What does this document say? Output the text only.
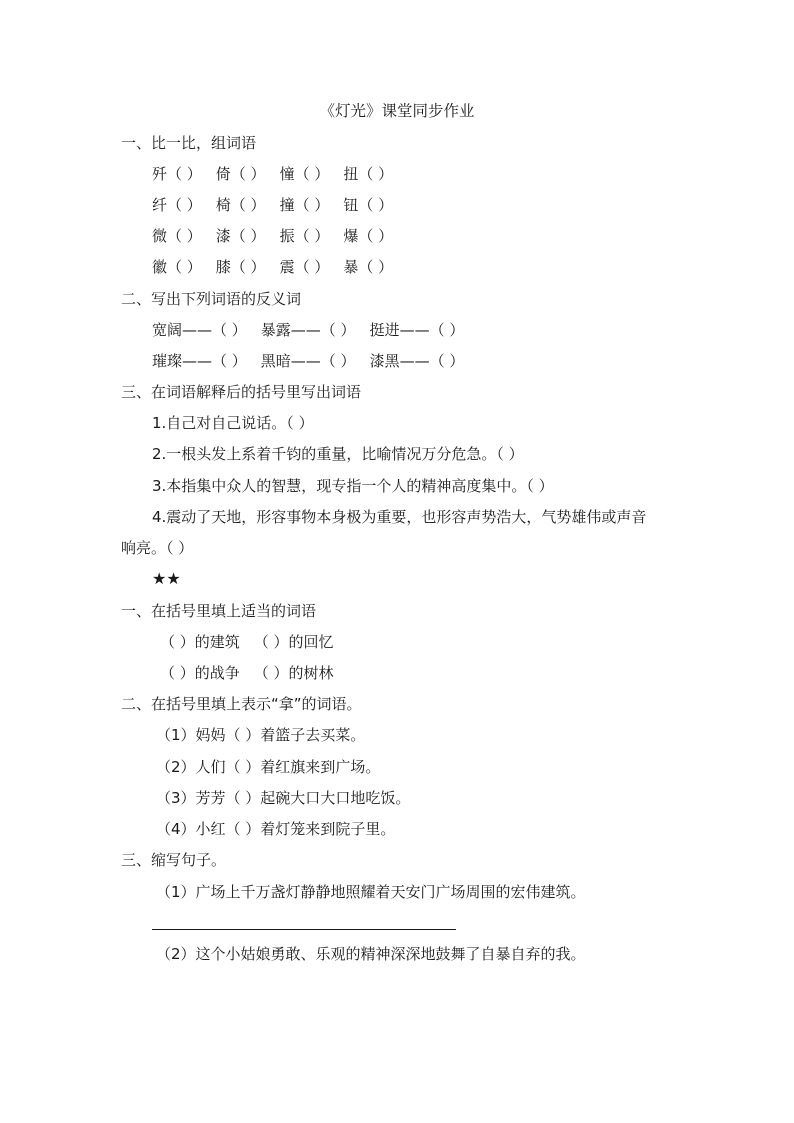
《灯光》课堂同步作业
一、比一比，组词语
歼（ ） 倚（ ） 憧（ ） 扭（ ）
纤（ ） 椅（ ） 撞（ ） 钮（ ）
微（ ） 漆（ ） 振（ ） 爆（ ）
徽（ ） 膝（ ） 震（ ） 暴（ ）
二、写出下列词语的反义词
宽阔——（ ） 暴露——（ ） 挺进——（ ）
璀璨——（ ） 黑暗——（ ） 漆黑——（ ）
三、在词语解释后的括号里写出词语
1.自己对自己说话。（ ）
2.一根头发上系着千钧的重量，比喻情况万分危急。（ ）
3.本指集中众人的智慧，现专指一个人的精神高度集中。（ ）
4.震动了天地，形容事物本身极为重要，也形容声势浩大，气势雄伟或声音
响亮。（ ）
★★
一、在括号里填上适当的词语
（ ）的建筑 （ ）的回忆
（ ）的战争 （ ）的树林
二、在括号里填上表示“拿”的词语。
（1）妈妈（ ）着篮子去买菜。
（2）人们（ ）着红旗来到广场。
（3）芳芳（ ）起碗大口大口地吃饭。
（4）小红（ ）着灯笼来到院子里。
三、缩写句子。
（1）广场上千万盏灯静静地照耀着天安门广场周围的宏伟建筑。
（2）这个小姑娘勇敢、乐观的精神深深地鼓舞了自暴自弃的我。
